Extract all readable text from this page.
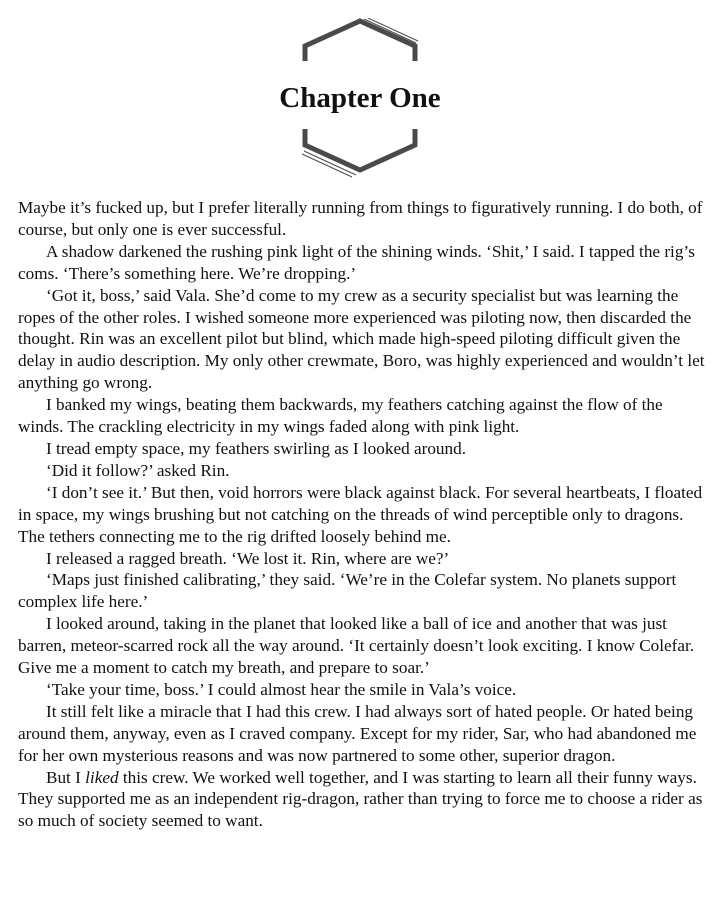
Chapter One

Maybe it’s fucked up, but I prefer literally running from things to figuratively running. I do both, of course, but only one is ever successful.

A shadow darkened the rushing pink light of the shining winds. ‘Shit,’ I said. I tapped the rig’s coms. ‘There’s something here. We’re dropping.’

‘Got it, boss,’ said Vala. She’d come to my crew as a security specialist but was learning the ropes of the other roles. I wished someone more experienced was piloting now, then discarded the thought. Rin was an excellent pilot but blind, which made high-speed piloting difficult given the delay in audio description. My only other crewmate, Boro, was highly experienced and wouldn’t let anything go wrong.

I banked my wings, beating them backwards, my feathers catching against the flow of the winds. The crackling electricity in my wings faded along with pink light.

I tread empty space, my feathers swirling as I looked around.

‘Did it follow?’ asked Rin.

‘I don’t see it.’ But then, void horrors were black against black. For several heartbeats, I floated in space, my wings brushing but not catching on the threads of wind perceptible only to dragons. The tethers connecting me to the rig drifted loosely behind me.

I released a ragged breath. ‘We lost it. Rin, where are we?’

‘Maps just finished calibrating,’ they said. ‘We’re in the Colefar system. No planets support complex life here.’

I looked around, taking in the planet that looked like a ball of ice and another that was just barren, meteor-scarred rock all the way around. ‘It certainly doesn’t look exciting. I know Colefar. Give me a moment to catch my breath, and prepare to soar.’

‘Take your time, boss.’ I could almost hear the smile in Vala’s voice.

It still felt like a miracle that I had this crew. I had always sort of hated people. Or hated being around them, anyway, even as I craved company. Except for my rider, Sar, who had abandoned me for her own mysterious reasons and was now partnered to some other, superior dragon.

But I liked this crew. We worked well together, and I was starting to learn all their funny ways. They supported me as an independent rig-dragon, rather than trying to force me to choose a rider as so much of society seemed to want.
